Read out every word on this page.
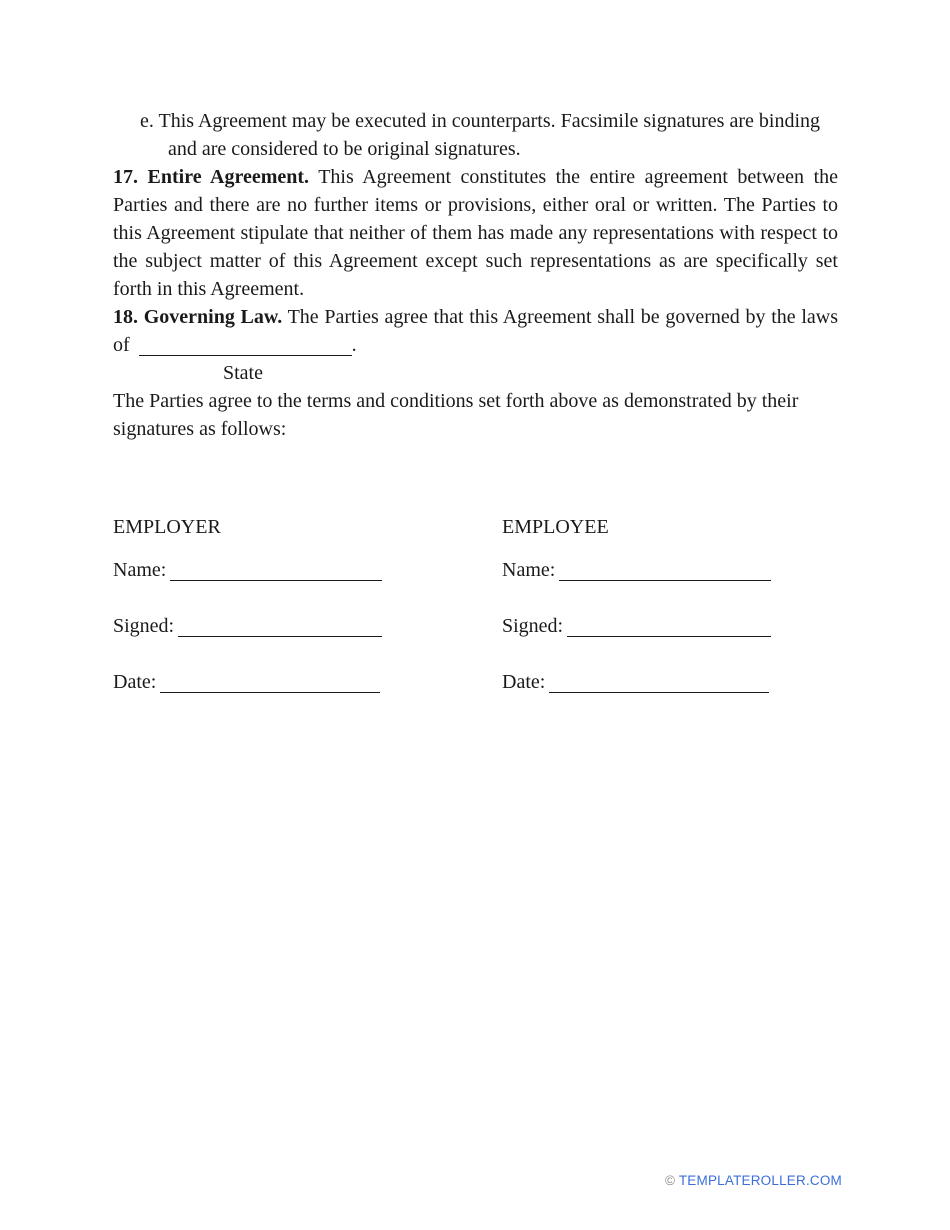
e. This Agreement may be executed in counterparts. Facsimile signatures are binding and are considered to be original signatures.

17. Entire Agreement. This Agreement constitutes the entire agreement between the Parties and there are no further items or provisions, either oral or written. The Parties to this Agreement stipulate that neither of them has made any representations with respect to the subject matter of this Agreement except such representations as are specifically set forth in this Agreement.

18. Governing Law. The Parties agree that this Agreement shall be governed by the laws of	.

State

The Parties agree to the terms and conditions set forth above as demonstrated by their signatures as follows:

EMPLOYER

Name:

Signed:

Date:

EMPLOYEE

Name:

Signed:

Date:

© TEMPLATEROLLER.COM
